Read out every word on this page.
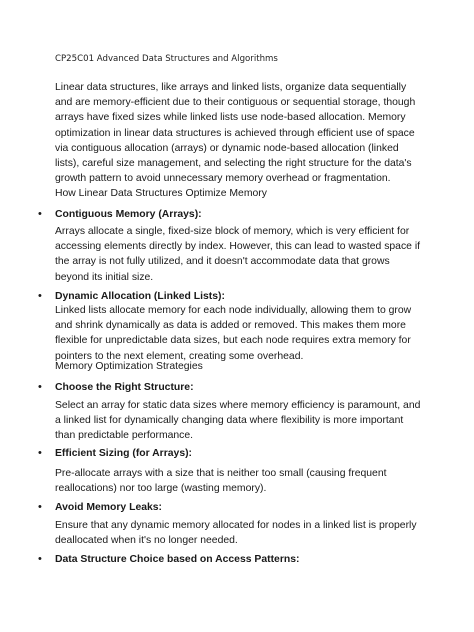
CP25C01 Advanced Data Structures and Algorithms

Linear data structures, like arrays and linked lists, organize data sequentially and are memory-efficient due to their contiguous or sequential storage, though arrays have fixed sizes while linked lists use node-based allocation. Memory optimization in linear data structures is achieved through efficient use of space via contiguous allocation (arrays) or dynamic node-based allocation (linked lists), careful size management, and selecting the right structure for the data's growth pattern to avoid unnecessary memory overhead or fragmentation.

How Linear Data Structures Optimize Memory

• Contiguous Memory (Arrays):

Arrays allocate a single, fixed-size block of memory, which is very efficient for accessing elements directly by index. However, this can lead to wasted space if the array is not fully utilized, and it doesn't accommodate data that grows beyond its initial size.

• Dynamic Allocation (Linked Lists):

Linked lists allocate memory for each node individually, allowing them to grow and shrink dynamically as data is added or removed. This makes them more flexible for unpredictable data sizes, but each node requires extra memory for pointers to the next element, creating some overhead.

Memory Optimization Strategies

• Choose the Right Structure:

Select an array for static data sizes where memory efficiency is paramount, and a linked list for dynamically changing data where flexibility is more important than predictable performance.

• Efficient Sizing (for Arrays):

Pre-allocate arrays with a size that is neither too small (causing frequent reallocations) nor too large (wasting memory).

• Avoid Memory Leaks:

Ensure that any dynamic memory allocated for nodes in a linked list is properly deallocated when it's no longer needed.

• Data Structure Choice based on Access Patterns:
